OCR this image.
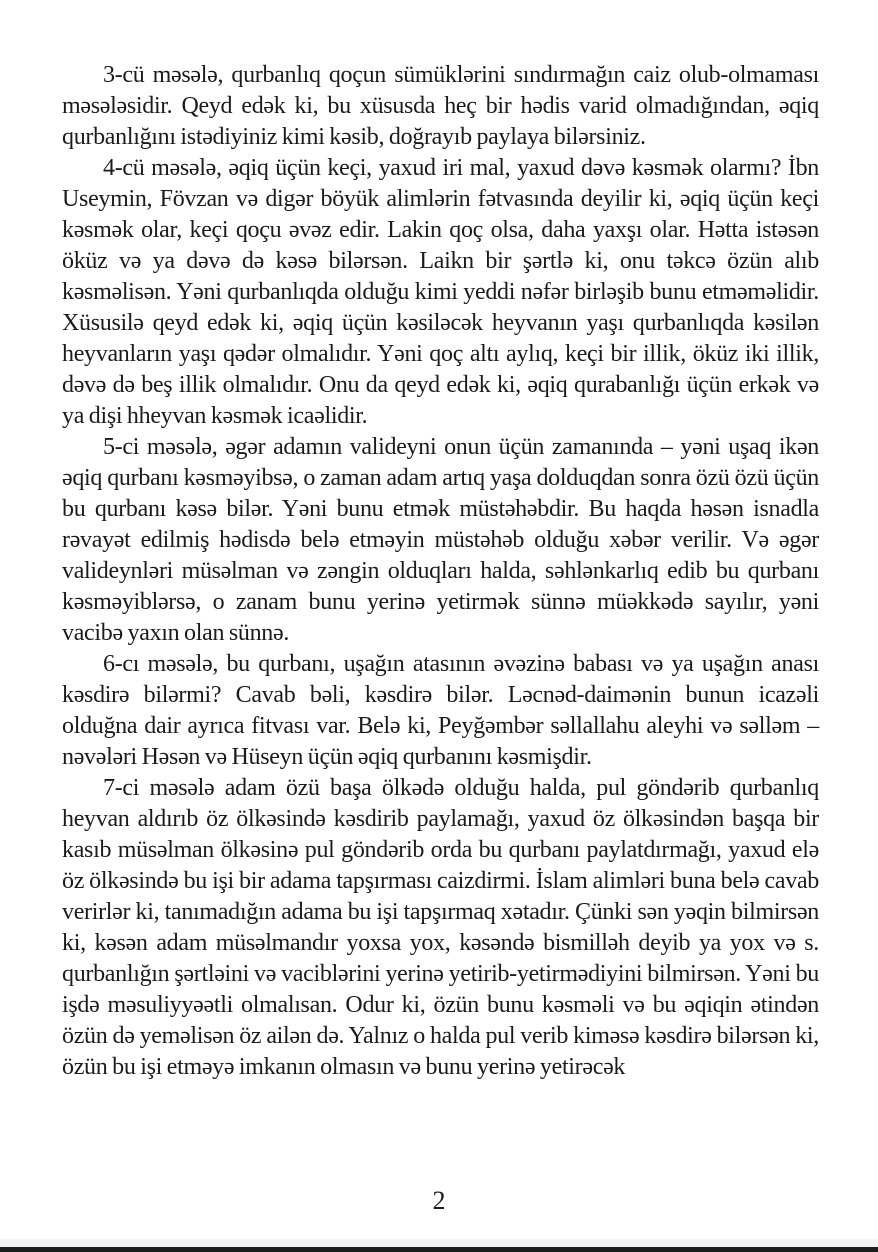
3-cü məsələ, qurbanlıq qoçun sümüklərini sındırmağın caiz olub-olmaması məsələsidir. Qeyd edək ki, bu xüsusda heç bir hədis varid olmadığından, əqiq qurbanlığını istədiyiniz kimi kəsib, doğrayıb paylaya bilərsiniz.

4-cü məsələ, əqiq üçün keçi, yaxud iri mal, yaxud dəvə kəsmək olarmı? İbn Useymin, Fövzan və digər böyük alimlərin fətvasında deyilir ki, əqiq üçün keçi kəsmək olar, keçi qoçu əvəz edir. Lakin qoç olsa, daha yaxşı olar. Hətta istəsən öküz və ya dəvə də kəsə bilərsən. Laikn bir şərtlə ki, onu təkcə özün alıb kəsməlisən. Yəni qurbanlıqda olduğu kimi yeddi nəfər birləşib bunu etməməlidir. Xüsusilə qeyd edək ki, əqiq üçün kəsiləcək heyvanın yaşı qurbanlıqda kəsilən heyvanların yaşı qədər olmalıdır. Yəni qoç altı aylıq, keçi bir illik, öküz iki illik, dəvə də beş illik olmalıdır. Onu da qeyd edək ki, əqiq qurabanlığı üçün erkək və ya dişi hheyvan kəsmək icaəlidir.

5-ci məsələ, əgər adamın valideyni onun üçün zamanında – yəni uşaq ikən əqiq qurbanı kəsməyibsə, o zaman adam artıq yaşa dolduqdan sonra özü özü üçün bu qurbanı kəsə bilər. Yəni bunu etmək müstəhəbdir. Bu haqda həsən isnadla rəvayət edilmiş hədisdə belə etməyin müstəhəb olduğu xəbər verilir. Və əgər valideynləri müsəlman və zəngin olduqları halda, səhlənkarlıq edib bu qurbanı kəsməyiblərsə, o zanam bunu yerinə yetirmək sünnə müəkkədə sayılır, yəni vacibə yaxın olan sünnə.

6-cı məsələ, bu qurbanı, uşağın atasının əvəzinə babası və ya uşağın anası kəsdirə bilərmi? Cavab bəli, kəsdirə bilər. Ləcnəd-daimənin bunun icazəli olduğna dair ayrıca fitvası var. Belə ki, Peyğəmbər səllallahu aleyhi və səlləm – nəvələri Həsən və Hüseyn üçün əqiq qurbanını kəsmişdir.

7-ci məsələ adam özü başa ölkədə olduğu halda, pul göndərib qurbanlıq heyvan aldırıb öz ölkəsində kəsdirib paylamağı, yaxud öz ölkəsindən başqa bir kasıb müsəlman ölkəsinə pul göndərib orda bu qurbanı paylatdırmağı, yaxud elə öz ölkəsində bu işi bir adama tapşırması caizdirmi. İslam alimləri buna belə cavab verirlər ki, tanımadığın adama bu işi tapşırmaq xətadır. Çünki sən yəqin bilmirsən ki, kəsən adam müsəlmandır yoxsa yox, kəsəndə bismilləh deyib ya yox və s. qurbanlığın şərtləini və vaciblərini yerinə yetirib-yetirmədiyini bilmirsən. Yəni bu işdə məsuliyyəətli olmalısan. Odur ki, özün bunu kəsməli və bu əqiqin ətindən özün də yeməlisən öz ailən də. Yalnız o halda pul verib kiməsə kəsdirə bilərsən ki, özün bu işi etməyə imkanın olmasın və bunu yerinə yetirəcək

2
